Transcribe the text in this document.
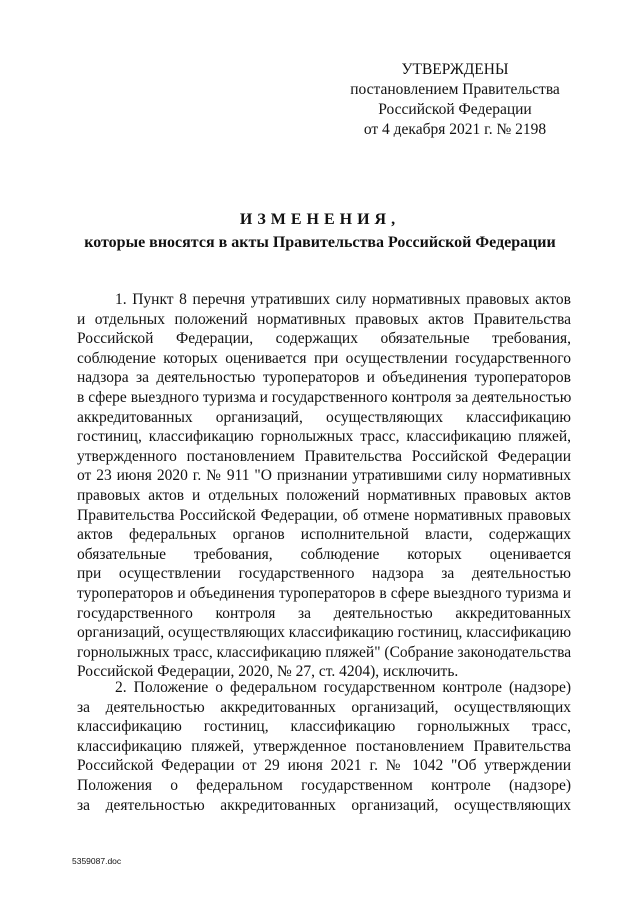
УТВЕРЖДЕНЫ
постановлением Правительства
Российской Федерации
от 4 декабря 2021 г. № 2198
ИЗМЕНЕНИЯ,
которые вносятся в акты Правительства Российской Федерации
1. Пункт 8 перечня утративших силу нормативных правовых актов
и отдельных положений нормативных правовых актов Правительства
Российской Федерации, содержащих обязательные требования,
соблюдение которых оценивается при осуществлении государственного
надзора за деятельностью туроператоров и объединения туроператоров
в сфере выездного туризма и государственного контроля за деятельностью
аккредитованных организаций, осуществляющих классификацию
гостиниц, классификацию горнолыжных трасс, классификацию пляжей,
утвержденного постановлением Правительства Российской Федерации
от 23 июня 2020 г. № 911 "О признании утратившими силу нормативных
правовых актов и отдельных положений нормативных правовых актов
Правительства Российской Федерации, об отмене нормативных правовых
актов федеральных органов исполнительной власти, содержащих
обязательные требования, соблюдение которых оценивается
при осуществлении государственного надзора за деятельностью
туроператоров и объединения туроператоров в сфере выездного туризма и
государственного контроля за деятельностью аккредитованных
организаций, осуществляющих классификацию гостиниц, классификацию
горнолыжных трасс, классификацию пляжей" (Собрание законодательства
Российской Федерации, 2020, № 27, ст. 4204), исключить.
2. Положение о федеральном государственном контроле (надзоре)
за деятельностью аккредитованных организаций, осуществляющих
классификацию гостиниц, классификацию горнолыжных трасс,
классификацию пляжей, утвержденное постановлением Правительства
Российской Федерации от 29 июня 2021 г. № 1042 "Об утверждении
Положения о федеральном государственном контроле (надзоре)
за деятельностью аккредитованных организаций, осуществляющих
5359087.doc
